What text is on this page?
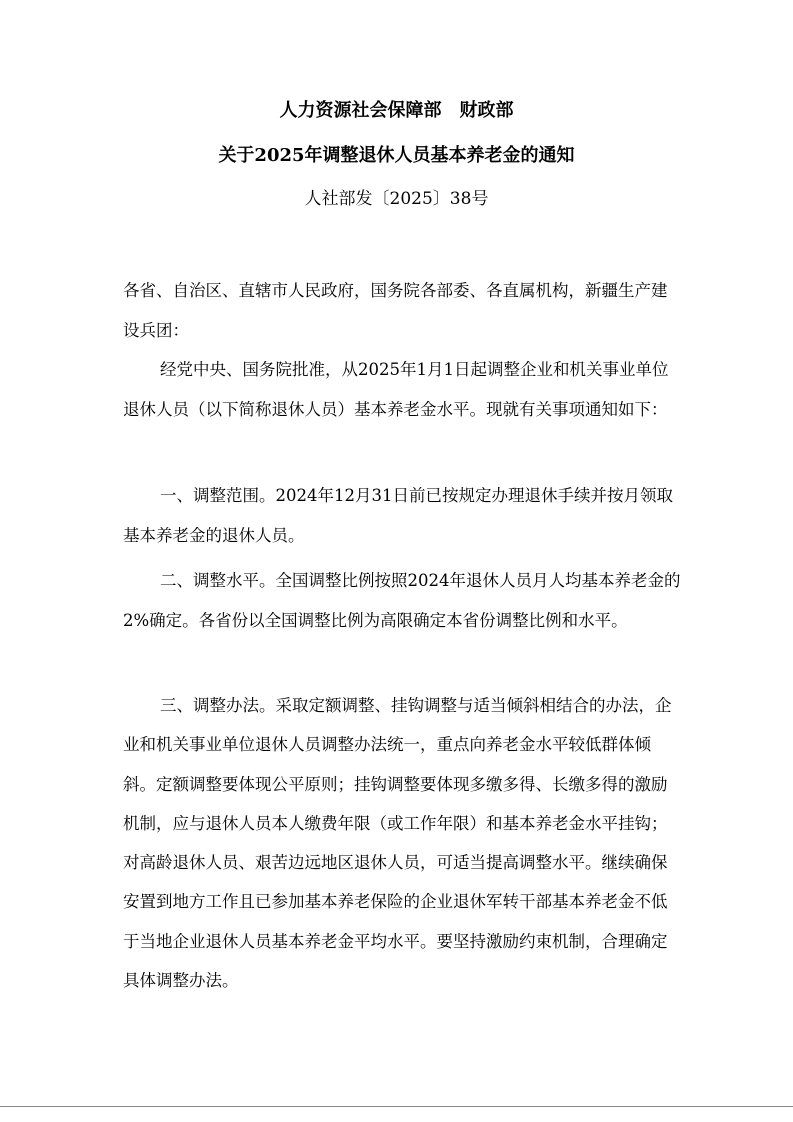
人力资源社会保障部　财政部
关于2025年调整退休人员基本养老金的通知
人社部发〔2025〕38号
各省、自治区、直辖市人民政府，国务院各部委、各直属机构，新疆生产建设兵团：

经党中央、国务院批准，从2025年1月1日起调整企业和机关事业单位退休人员（以下简称退休人员）基本养老金水平。现就有关事项通知如下：

一、调整范围。2024年12月31日前已按规定办理退休手续并按月领取基本养老金的退休人员。

二、调整水平。全国调整比例按照2024年退休人员月人均基本养老金的2%确定。各省份以全国调整比例为高限确定本省份调整比例和水平。

三、调整办法。采取定额调整、挂钩调整与适当倾斜相结合的办法，企业和机关事业单位退休人员调整办法统一，重点向养老金水平较低群体倾斜。定额调整要体现公平原则；挂钩调整要体现多缴多得、长缴多得的激励机制，应与退休人员本人缴费年限（或工作年限）和基本养老金水平挂钩；对高龄退休人员、艰苦边远地区退休人员，可适当提高调整水平。继续确保安置到地方工作且已参加基本养老保险的企业退休军转干部基本养老金不低于当地企业退休人员基本养老金平均水平。要坚持激励约束机制，合理确定具体调整办法。
